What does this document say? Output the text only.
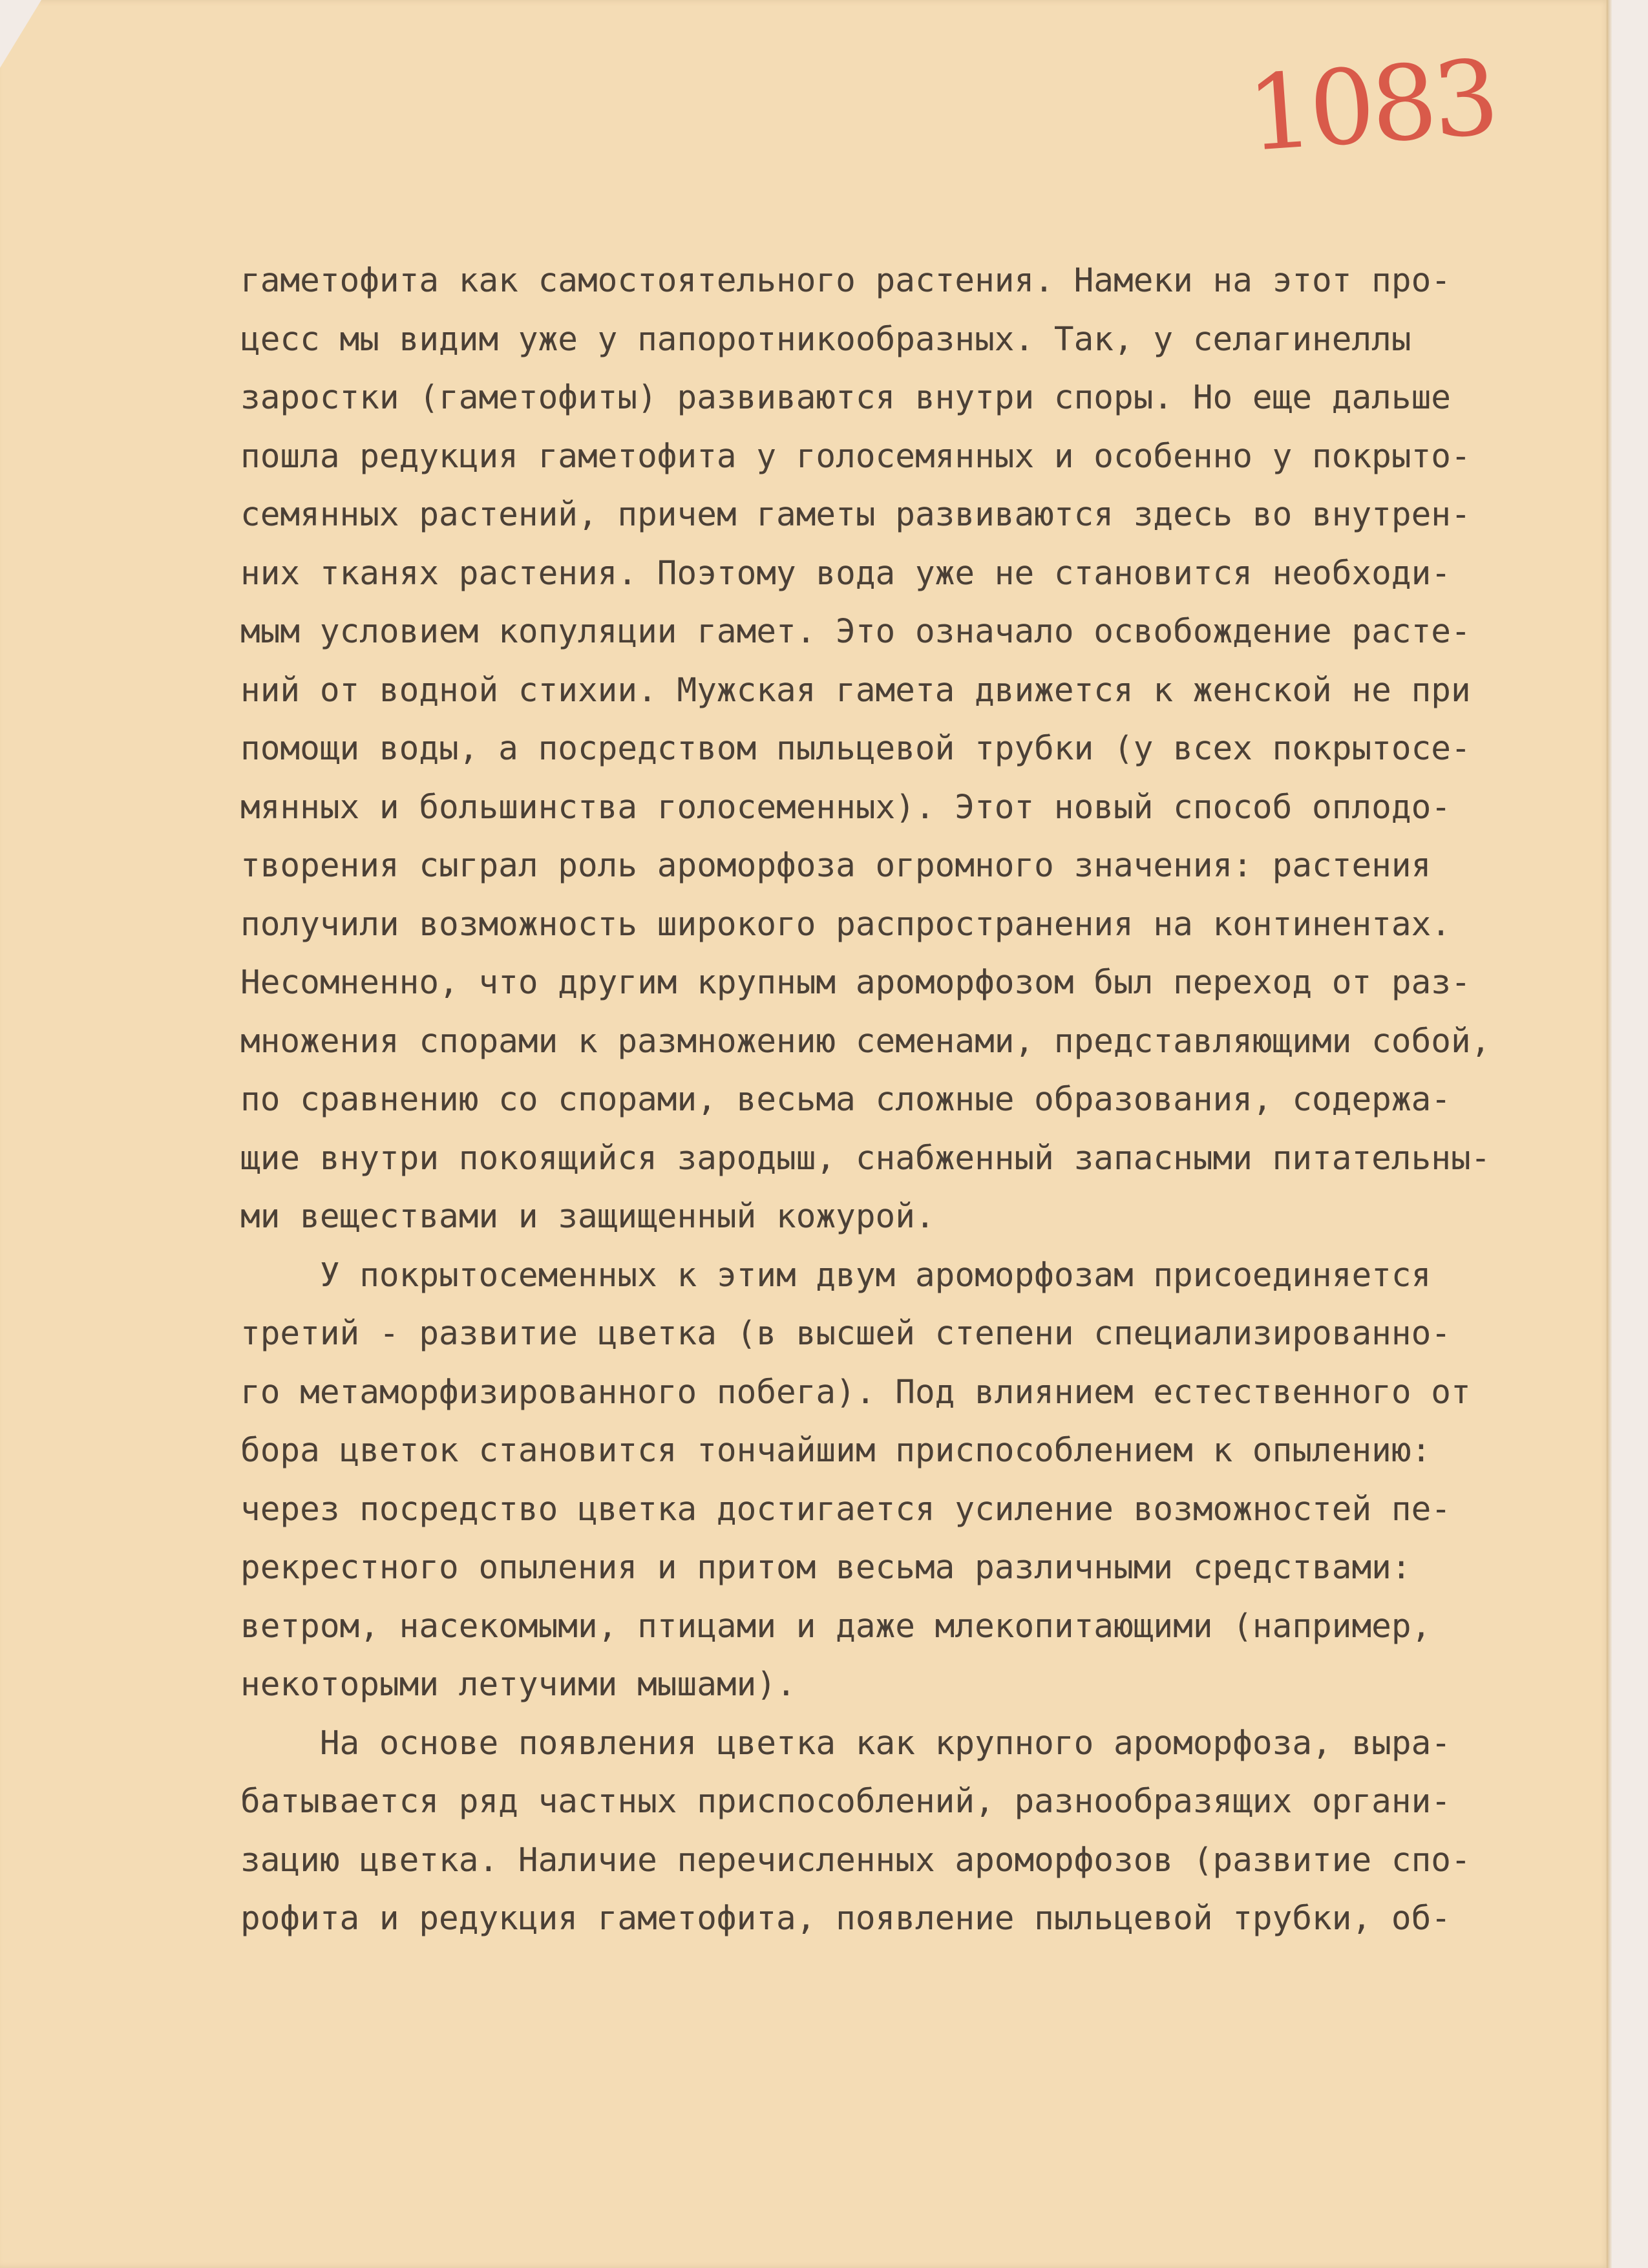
1083
гаметофита как самостоятельного растения. Намеки на этот про-
цесс мы видим уже у папоротникообразных. Так, у селагинеллы
заростки (гаметофиты) развиваются внутри споры. Но еще дальше
пошла редукция гаметофита у голосемянных и особенно у покрыто-
семянных растений, причем гаметы развиваются здесь во внутрен-
них тканях растения. Поэтому вода уже не становится необходи-
мым условием копуляции гамет. Это означало освобождение расте-
ний от водной стихии. Мужская гамета движется к женской не при
помощи воды, а посредством пыльцевой трубки (у всех покрытосе-
мянных и большинства голосеменных). Этот новый способ оплодо-
творения сыграл роль ароморфоза огромного значения: растения
получили возможность широкого распространения на континентах.
Несомненно, что другим крупным ароморфозом был переход от раз-
множения спорами к размножению семенами, представляющими собой,
по сравнению со спорами, весьма сложные образования, содержа-
щие внутри покоящийся зародыш, снабженный запасными питательны-
ми веществами и защищенный кожурой.
У покрытосеменных к этим двум ароморфозам присоединяется
третий - развитие цветка (в высшей степени специализированно-
го метаморфизированного побега). Под влиянием естественного от
бора цветок становится тончайшим приспособлением к опылению:
через посредство цветка достигается усиление возможностей пе-
рекрестного опыления и притом весьма различными средствами:
ветром, насекомыми, птицами и даже млекопитающими (например,
некоторыми летучими мышами).
На основе появления цветка как крупного ароморфоза, выра-
батывается ряд частных приспособлений, разнообразящих органи-
зацию цветка. Наличие перечисленных ароморфозов (развитие спо-
рофита и редукция гаметофита, появление пыльцевой трубки, об-
